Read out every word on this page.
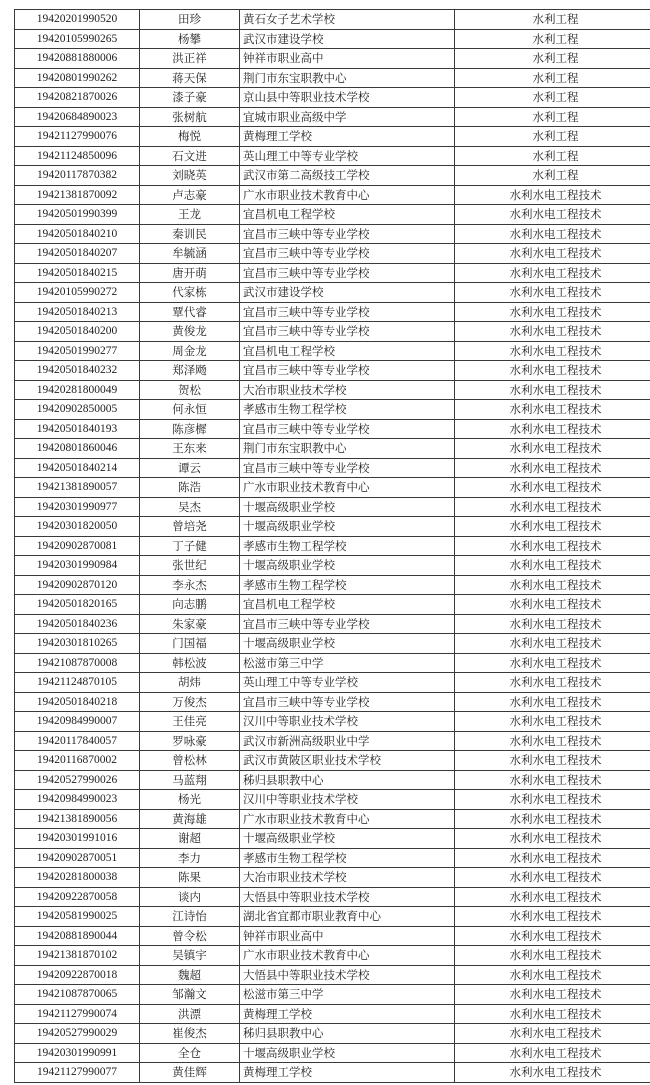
19420201990520	田珍	黄石女子艺术学校	水利工程
19420105990265	杨攀	武汉市建设学校	水利工程
19420881880006	洪正祥	钟祥市职业高中	水利工程
19420801990262	蒋天保	荆门市东宝职教中心	水利工程
19420821870026	漆子豪	京山县中等职业技术学校	水利工程
19420684890023	张树航	宜城市职业高级中学	水利工程
19421127990076	梅悦	黄梅理工学校	水利工程
19421124850096	石文进	英山理工中等专业学校	水利工程
19420117870382	刘晓英	武汉市第二高级技工学校	水利工程
19421381870092	卢志豪	广水市职业技术教育中心	水利水电工程技术
19420501990399	王龙	宜昌机电工程学校	水利水电工程技术
19420501840210	秦训民	宜昌市三峡中等专业学校	水利水电工程技术
19420501840207	牟毓涵	宜昌市三峡中等专业学校	水利水电工程技术
19420501840215	唐开萌	宜昌市三峡中等专业学校	水利水电工程技术
19420105990272	代家栋	武汉市建设学校	水利水电工程技术
19420501840213	覃代睿	宜昌市三峡中等专业学校	水利水电工程技术
19420501840200	黄俊龙	宜昌市三峡中等专业学校	水利水电工程技术
19420501990277	周金龙	宜昌机电工程学校	水利水电工程技术
19420501840232	郑泽飏	宜昌市三峡中等专业学校	水利水电工程技术
19420281800049	贺松	大冶市职业技术学校	水利水电工程技术
19420902850005	何永恒	孝感市生物工程学校	水利水电工程技术
19420501840193	陈彦樨	宜昌市三峡中等专业学校	水利水电工程技术
19420801860046	王东来	荆门市东宝职教中心	水利水电工程技术
19420501840214	谭云	宜昌市三峡中等专业学校	水利水电工程技术
19421381890057	陈浩	广水市职业技术教育中心	水利水电工程技术
19420301990977	吴杰	十堰高级职业学校	水利水电工程技术
19420301820050	曾培尧	十堰高级职业学校	水利水电工程技术
19420902870081	丁子健	孝感市生物工程学校	水利水电工程技术
19420301990984	张世纪	十堰高级职业学校	水利水电工程技术
19420902870120	李永杰	孝感市生物工程学校	水利水电工程技术
19420501820165	向志鹏	宜昌机电工程学校	水利水电工程技术
19420501840236	朱家豪	宜昌市三峡中等专业学校	水利水电工程技术
19420301810265	门国福	十堰高级职业学校	水利水电工程技术
19421087870008	韩松波	松滋市第三中学	水利水电工程技术
19421124870105	胡炜	英山理工中等专业学校	水利水电工程技术
19420501840218	万俊杰	宜昌市三峡中等专业学校	水利水电工程技术
19420984990007	王佳亮	汉川中等职业技术学校	水利水电工程技术
19420117840057	罗咏豪	武汉市新洲高级职业中学	水利水电工程技术
19420116870002	曾松林	武汉市黄陂区职业技术学校	水利水电工程技术
19420527990026	马蓝翔	秭归县职教中心	水利水电工程技术
19420984990023	杨光	汉川中等职业技术学校	水利水电工程技术
19421381890056	黄海雄	广水市职业技术教育中心	水利水电工程技术
19420301991016	谢超	十堰高级职业学校	水利水电工程技术
19420902870051	李力	孝感市生物工程学校	水利水电工程技术
19420281800038	陈果	大冶市职业技术学校	水利水电工程技术
19420922870058	谈内	大悟县中等职业技术学校	水利水电工程技术
19420581990025	江诗怡	湖北省宜都市职业教育中心	水利水电工程技术
19420881890044	曾令松	钟祥市职业高中	水利水电工程技术
19421381870102	吴镇宇	广水市职业技术教育中心	水利水电工程技术
19420922870018	魏超	大悟县中等职业技术学校	水利水电工程技术
19421087870065	邹瀚文	松滋市第三中学	水利水电工程技术
19421127990074	洪漂	黄梅理工学校	水利水电工程技术
19420527990029	崔俊杰	秭归县职教中心	水利水电工程技术
19420301990991	全仓	十堰高级职业学校	水利水电工程技术
19421127990077	黄佳辉	黄梅理工学校	水利水电工程技术
